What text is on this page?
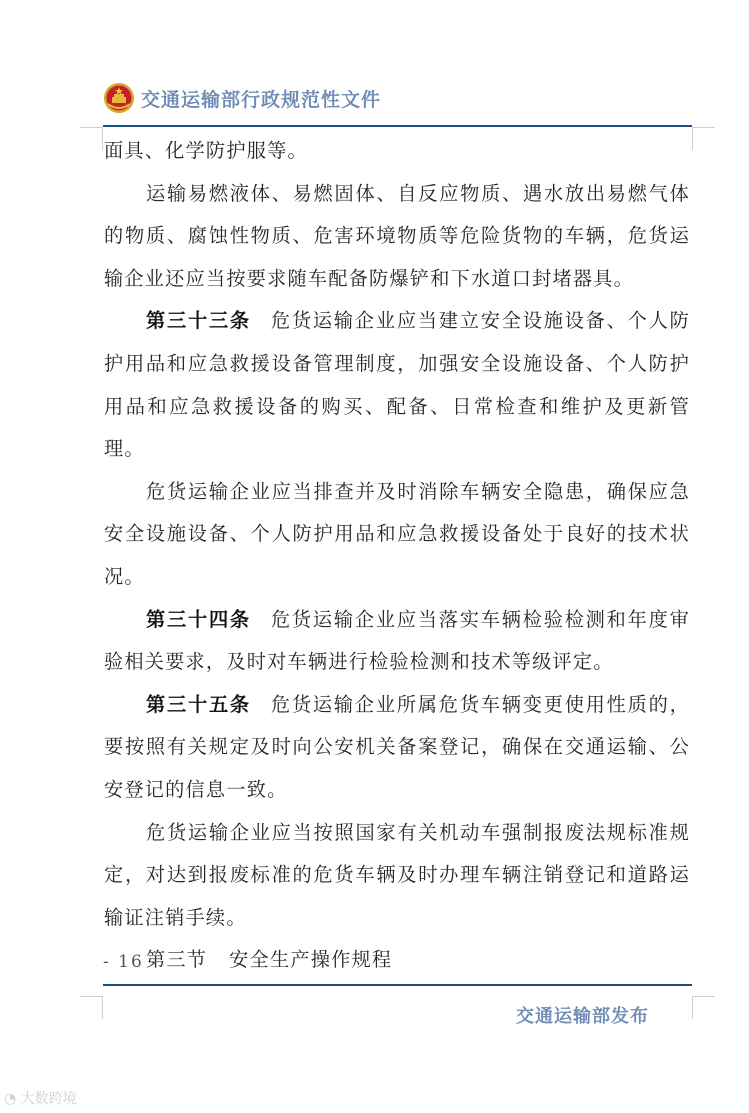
交通运输部行政规范性文件

面具、化学防护服等。

运输易燃液体、易燃固体、自反应物质、遇水放出易燃气体的物质、腐蚀性物质、危害环境物质等危险货物的车辆，危货运输企业还应当按要求随车配备防爆铲和下水道口封堵器具。

第三十三条 危货运输企业应当建立安全设施设备、个人防护用品和应急救援设备管理制度，加强安全设施设备、个人防护用品和应急救援设备的购买、配备、日常检查和维护及更新管理。

危货运输企业应当排查并及时消除车辆安全隐患，确保应急安全设施设备、个人防护用品和应急救援设备处于良好的技术状况。

第三十四条 危货运输企业应当落实车辆检验检测和年度审验相关要求，及时对车辆进行检验检测和技术等级评定。

第三十五条 危货运输企业所属危货车辆变更使用性质的，要按照有关规定及时向公安机关备案登记，确保在交通运输、公安登记的信息一致。

危货运输企业应当按照国家有关机动车强制报废法规标准规定，对达到报废标准的危货车辆及时办理车辆注销登记和道路运输证注销手续。

第三节 安全生产操作规程

- 16 -
交通运输部发布
◔ 大数跨境
